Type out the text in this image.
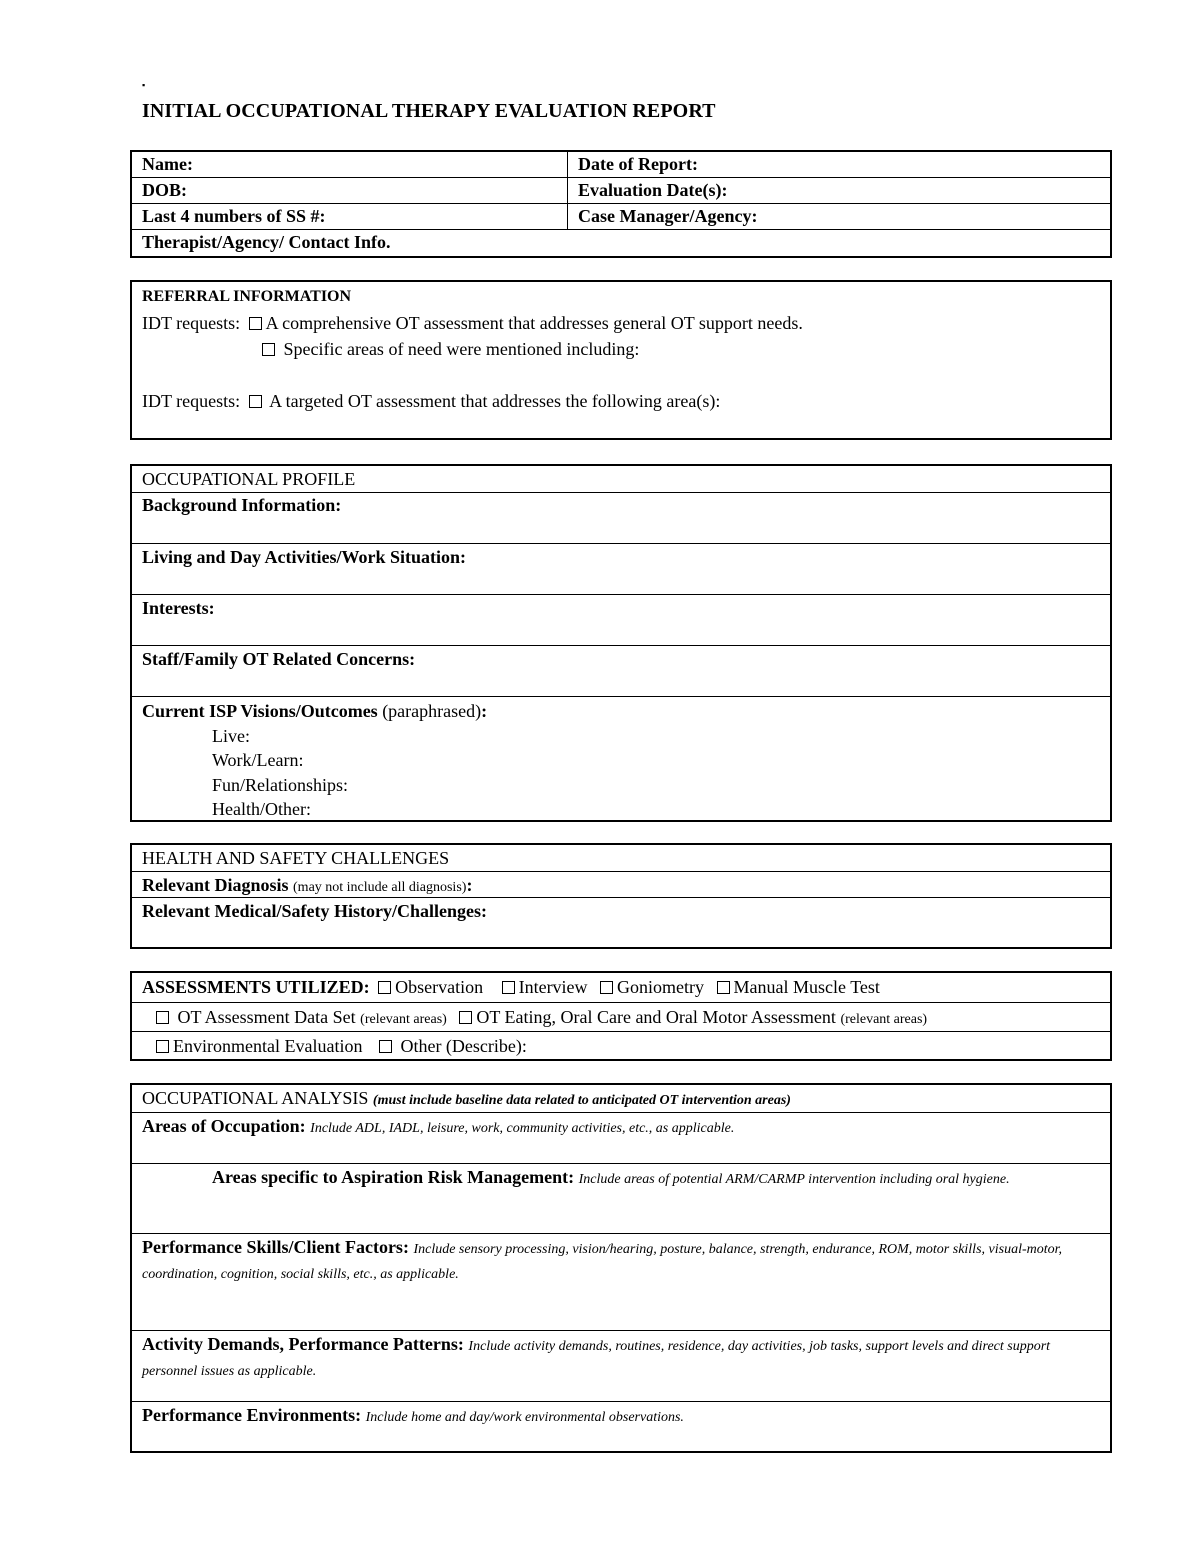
▪
INITIAL OCCUPATIONAL THERAPY EVALUATION REPORT
Name:	Date of Report:
DOB:	Evaluation Date(s):
Last 4 numbers of SS #:	Case Manager/Agency:
Therapist/Agency/ Contact Info.
REFERRAL INFORMATION
IDT requests: A comprehensive OT assessment that addresses general OT support needs.
Specific areas of need were mentioned including:
IDT requests: A targeted OT assessment that addresses the following area(s):
OCCUPATIONAL PROFILE
Background Information:
Living and Day Activities/Work Situation:
Interests:
Staff/Family OT Related Concerns:
Current ISP Visions/Outcomes (paraphrased):
Live:
Work/Learn:
Fun/Relationships:
Health/Other:
HEALTH AND SAFETY CHALLENGES
Relevant Diagnosis (may not include all diagnosis):
Relevant Medical/Safety History/Challenges:
ASSESSMENTS UTILIZED: Observation Interview Goniometry Manual Muscle Test
OT Assessment Data Set (relevant areas) OT Eating, Oral Care and Oral Motor Assessment (relevant areas)
Environmental Evaluation Other (Describe):
OCCUPATIONAL ANALYSIS (must include baseline data related to anticipated OT intervention areas)
Areas of Occupation: Include ADL, IADL, leisure, work, community activities, etc., as applicable.
Areas specific to Aspiration Risk Management: Include areas of potential ARM/CARMP intervention including oral hygiene.
Performance Skills/Client Factors: Include sensory processing, vision/hearing, posture, balance, strength, endurance, ROM, motor skills, visual-motor, coordination, cognition, social skills, etc., as applicable.
Activity Demands, Performance Patterns: Include activity demands, routines, residence, day activities, job tasks, support levels and direct support personnel issues as applicable.
Performance Environments: Include home and day/work environmental observations.
